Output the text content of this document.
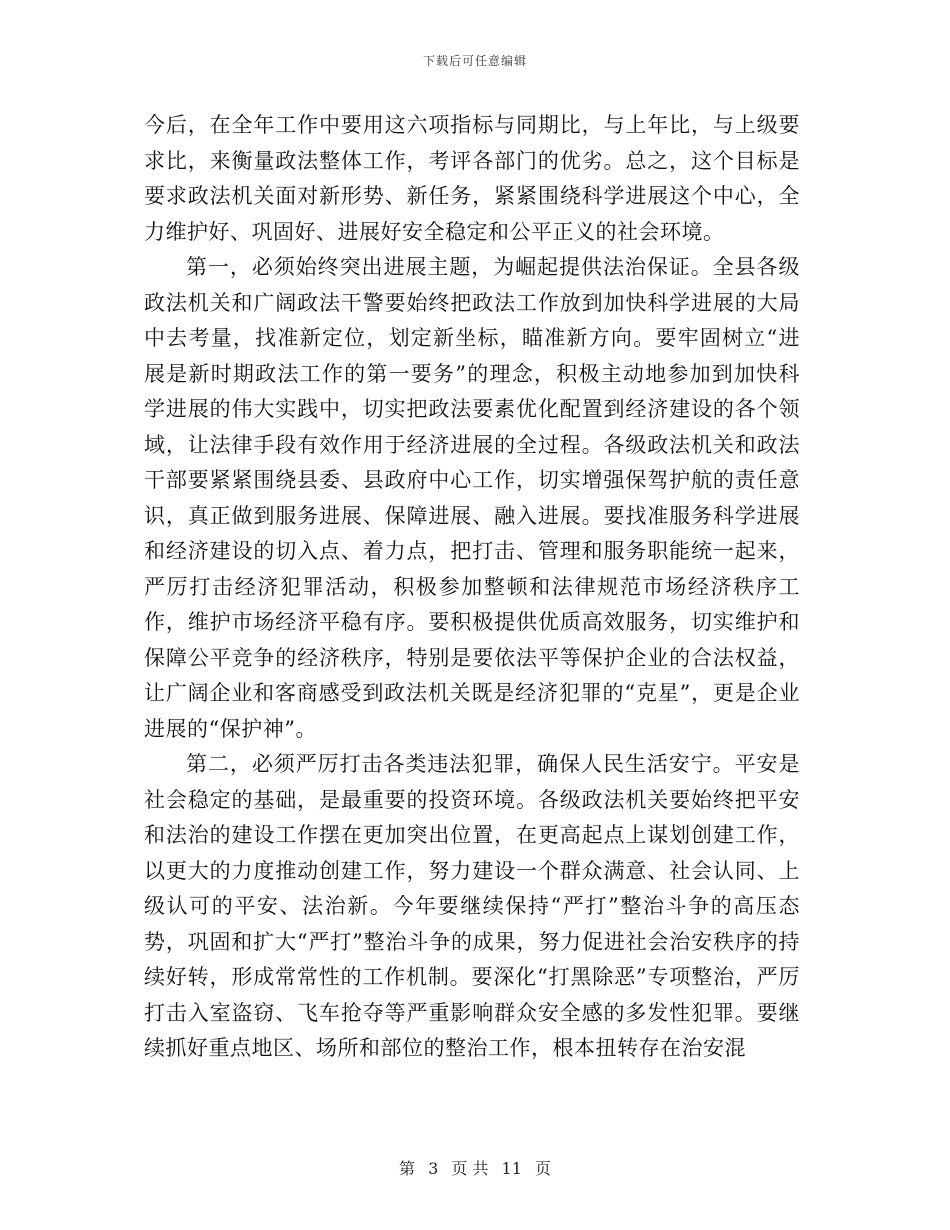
下载后可任意编辑

今后，在全年工作中要用这六项指标与同期比，与上年比，与上级要求比，来衡量政法整体工作，考评各部门的优劣。总之，这个目标是要求政法机关面对新形势、新任务，紧紧围绕科学进展这个中心，全力维护好、巩固好、进展好安全稳定和公平正义的社会环境。

第一，必须始终突出进展主题，为崛起提供法治保证。全县各级政法机关和广阔政法干警要始终把政法工作放到加快科学进展的大局中去考量，找准新定位，划定新坐标，瞄准新方向。要牢固树立“进展是新时期政法工作的第一要务”的理念，积极主动地参加到加快科学进展的伟大实践中，切实把政法要素优化配置到经济建设的各个领域，让法律手段有效作用于经济进展的全过程。各级政法机关和政法干部要紧紧围绕县委、县政府中心工作，切实增强保驾护航的责任意识，真正做到服务进展、保障进展、融入进展。要找准服务科学进展和经济建设的切入点、着力点，把打击、管理和服务职能统一起来，严厉打击经济犯罪活动，积极参加整顿和法律规范市场经济秩序工作，维护市场经济平稳有序。要积极提供优质高效服务，切实维护和保障公平竞争的经济秩序，特别是要依法平等保护企业的合法权益，让广阔企业和客商感受到政法机关既是经济犯罪的“克星”，更是企业进展的“保护神”。

第二，必须严厉打击各类违法犯罪，确保人民生活安宁。平安是社会稳定的基础，是最重要的投资环境。各级政法机关要始终把平安和法治的建设工作摆在更加突出位置，在更高起点上谋划创建工作，以更大的力度推动创建工作，努力建设一个群众满意、社会认同、上级认可的平安、法治新。今年要继续保持“严打”整治斗争的高压态势，巩固和扩大“严打”整治斗争的成果，努力促进社会治安秩序的持续好转，形成常常性的工作机制。要深化“打黑除恶”专项整治，严厉打击入室盗窃、飞车抢夺等严重影响群众安全感的多发性犯罪。要继续抓好重点地区、场所和部位的整治工作，根本扭转存在治安混

第 3 页 共 11 页
